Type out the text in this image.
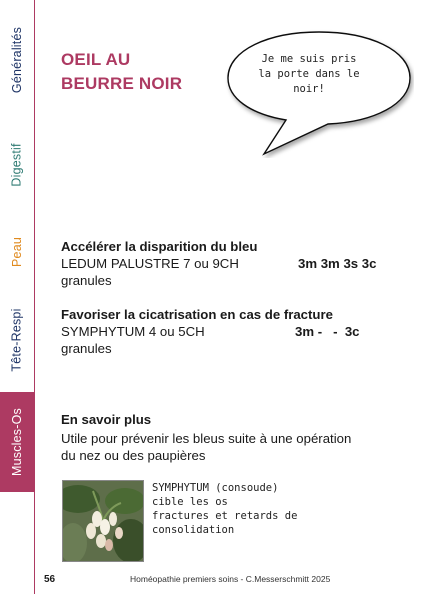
Généralités
Digestif
Peau
Tête-Respi
Muscles-Os
OEIL AU
BEURRE NOIR
Je me suis pris
la porte dans le
noir!
Accélérer la disparition du bleu
LEDUM PALUSTRE 7 ou 9CH	3m 3m 3s 3c
granules
Favoriser la cicatrisation en cas de fracture
SYMPHYTUM 4 ou 5CH	3m -   -  3c
granules
En savoir plus
Utile pour prévenir les bleus suite à une opération
du nez ou des paupières
SYMPHYTUM (consoude)
cible les os
fractures et retards de
consolidation
56	Homéopathie premiers soins - C.Messerschmitt 2025
